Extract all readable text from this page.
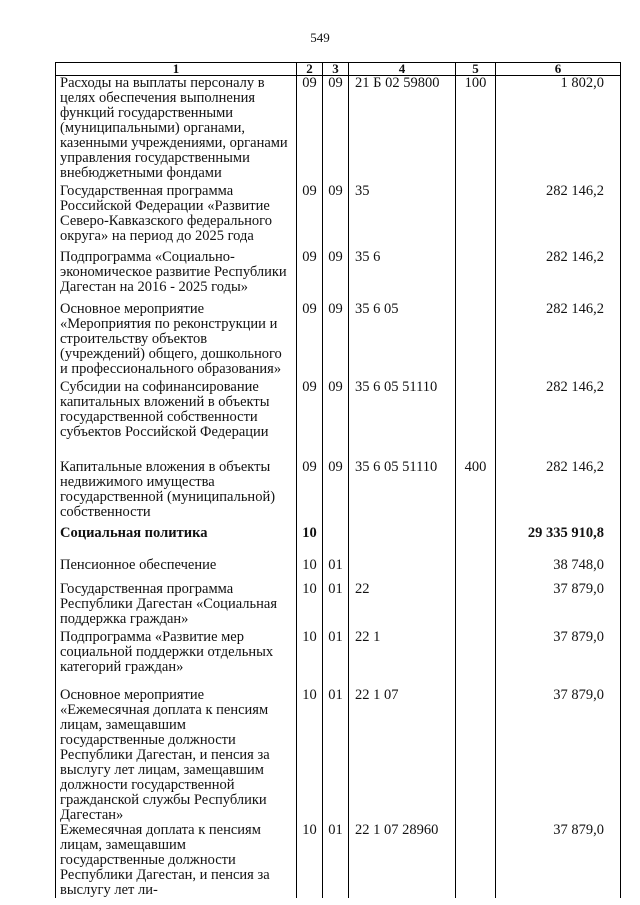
549
1	2	3	4	5	6
Расходы на выплаты персоналу в целях обеспечения выполнения функций государственными (муниципальными) органами, казенными учреждениями, органами управления государственными внебюджетными фондами	09	09	21 Б 02 59800	100	1 802,0
Государственная программа Российской Федерации «Развитие Северо-Кавказского федерального округа» на период до 2025 года	09	09	35		282 146,2
Подпрограмма «Социально-экономическое развитие Республики Дагестан на 2016 - 2025 годы»	09	09	35 6		282 146,2
Основное мероприятие «Мероприятия по реконструкции и строительству объектов (учреждений) общего, дошкольного и профессионального образования»	09	09	35 6 05		282 146,2
Субсидии на софинансирование капитальных вложений в объекты государственной собственности субъектов Российской Федерации	09	09	35 6 05 51110		282 146,2
Капитальные вложения в объекты недвижимого имущества государственной (муниципальной) собственности	09	09	35 6 05 51110	400	282 146,2
Социальная политика	10				29 335 910,8
Пенсионное обеспечение	10	01			38 748,0
Государственная программа Республики Дагестан «Социальная поддержка граждан»	10	01	22		37 879,0
Подпрограмма «Развитие мер социальной поддержки отдельных категорий граждан»	10	01	22 1		37 879,0
Основное мероприятие «Ежемесячная доплата к пенсиям лицам, замещавшим государственные должности Республики Дагестан, и пенсия за выслугу лет лицам, замещавшим должности государственной гражданской службы Республики Дагестан»	10	01	22 1 07		37 879,0
Ежемесячная доплата к пенсиям лицам, замещавшим государственные должности Республики Дагестан, и пенсия за выслугу лет ли-	10	01	22 1 07 28960		37 879,0
